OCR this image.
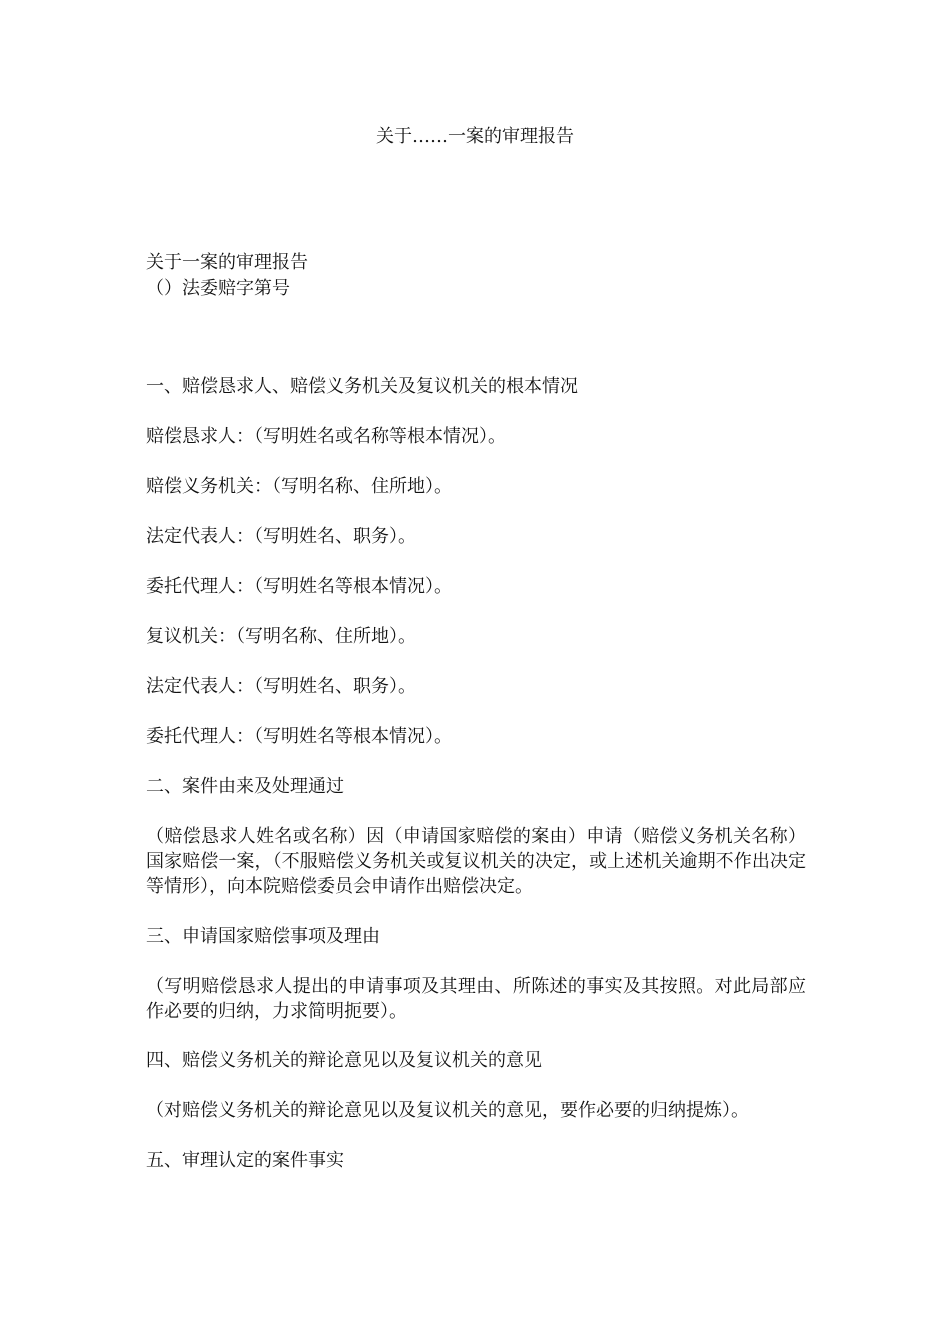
关于……一案的审理报告
关于一案的审理报告
（）法委赔字第号

一、赔偿恳求人、赔偿义务机关及复议机关的根本情况

赔偿恳求人：（写明姓名或名称等根本情况）。

赔偿义务机关：（写明名称、住所地）。

法定代表人：（写明姓名、职务）。

委托代理人：（写明姓名等根本情况）。

复议机关：（写明名称、住所地）。

法定代表人：（写明姓名、职务）。

委托代理人：（写明姓名等根本情况）。

二、案件由来及处理通过

（赔偿恳求人姓名或名称）因（申请国家赔偿的案由）申请（赔偿义务机关名称）国家赔偿一案，（不服赔偿义务机关或复议机关的决定，或上述机关逾期不作出决定等情形），向本院赔偿委员会申请作出赔偿决定。

三、申请国家赔偿事项及理由

（写明赔偿恳求人提出的申请事项及其理由、所陈述的事实及其按照。对此局部应作必要的归纳，力求简明扼要）。

四、赔偿义务机关的辩论意见以及复议机关的意见

（对赔偿义务机关的辩论意见以及复议机关的意见，要作必要的归纳提炼）。

五、审理认定的案件事实
